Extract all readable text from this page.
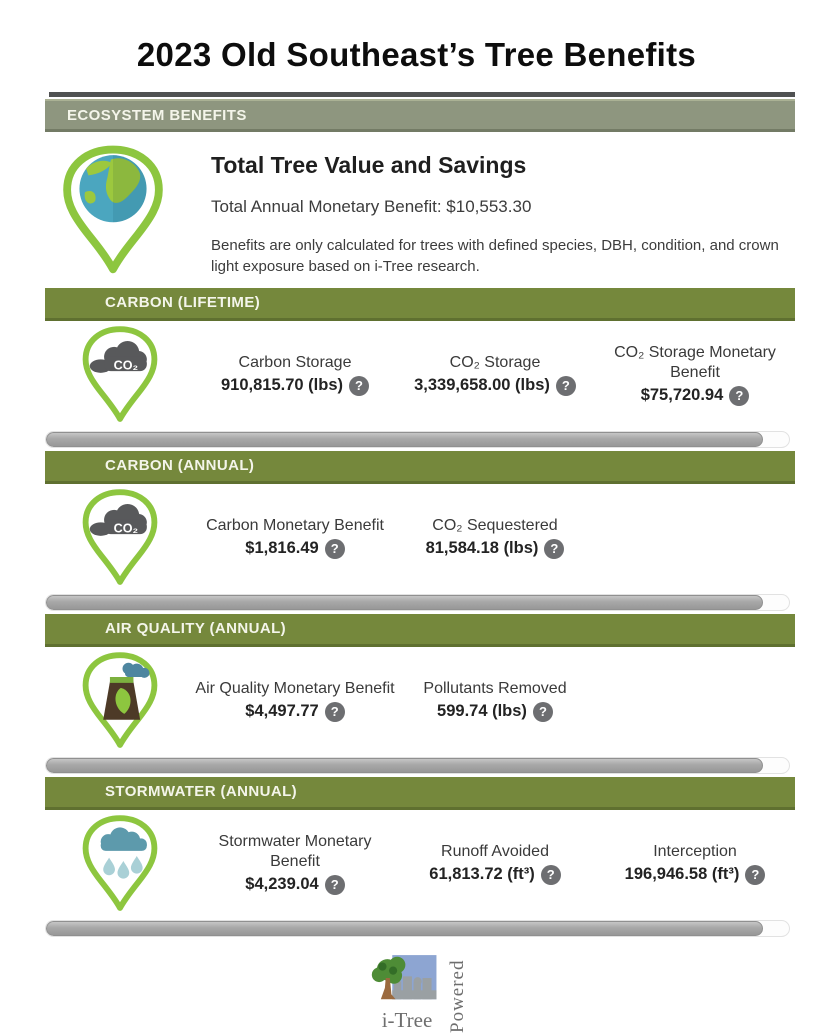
2023 Old Southeast’s Tree Benefits
ECOSYSTEM BENEFITS
Total Tree Value and Savings
Total Annual Monetary Benefit: $10,553.30
Benefits are only calculated for trees with defined species, DBH, condition, and crown light exposure based on i-Tree research.
CARBON (LIFETIME)
CO₂	Carbon Storage
910,815.70 (lbs) ?
CO₂ Storage
3,339,658.00 (lbs) ?
CO₂ Storage Monetary Benefit
$75,720.94 ?
CARBON (ANNUAL)
CO₂	Carbon Monetary Benefit
$1,816.49 ?
CO₂ Sequestered
81,584.18 (lbs) ?
AIR QUALITY (ANNUAL)
Air Quality Monetary Benefit
$4,497.77 ?
Pollutants Removed
599.74 (lbs) ?
STORMWATER (ANNUAL)
Stormwater Monetary Benefit
$4,239.04 ?
Runoff Avoided
61,813.72 (ft³) ?
Interception
196,946.58 (ft³) ?
i-Tree Powered
